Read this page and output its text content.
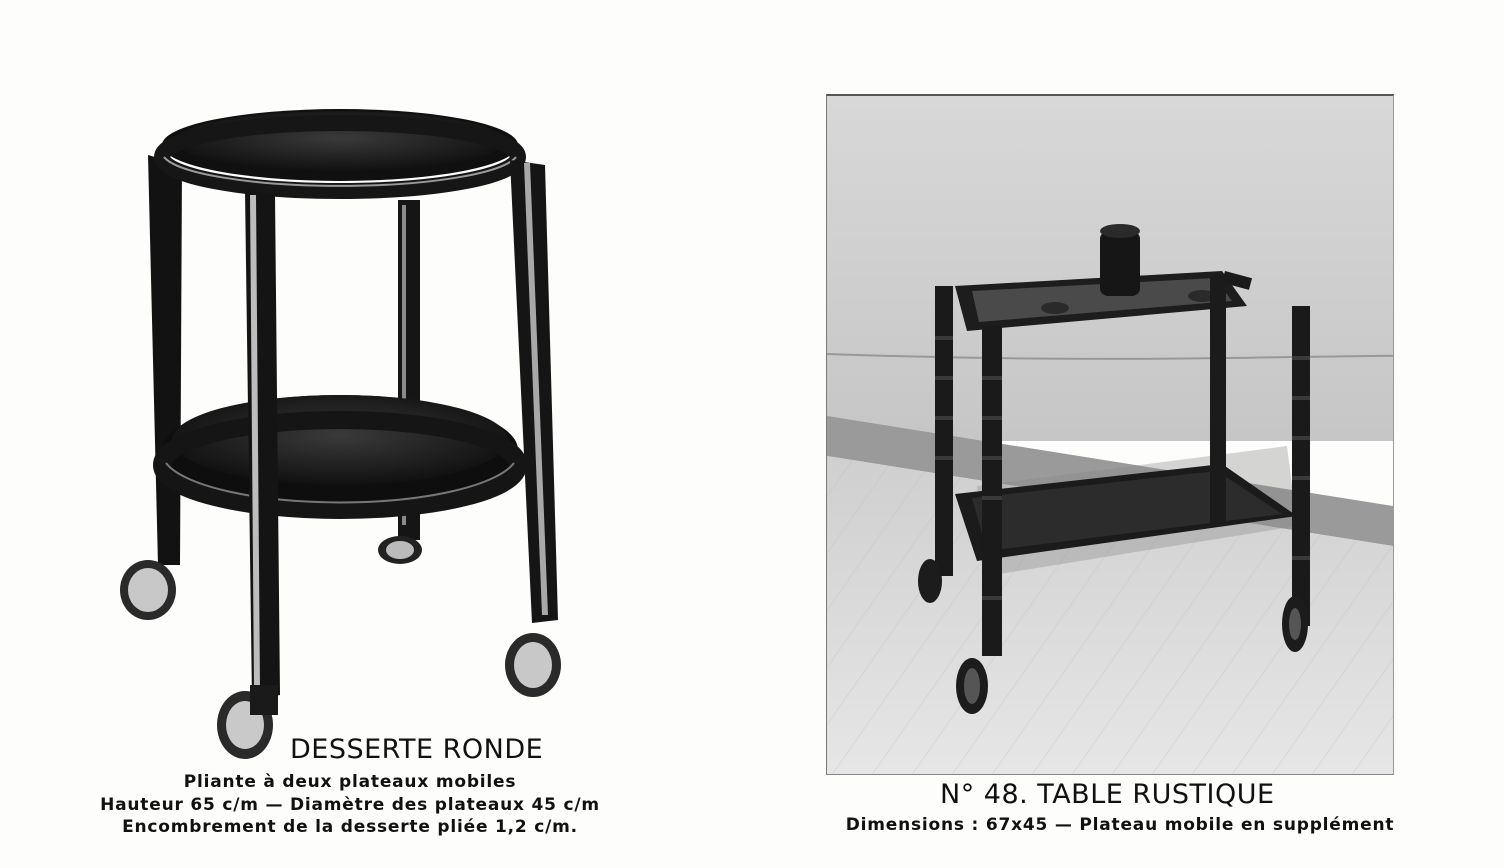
DESSERTE RONDE
Pliante à deux plateaux mobiles
Hauteur 65 c/m — Diamètre des plateaux 45 c/m
Encombrement de la desserte pliée 1,2 c/m.
N° 48. TABLE RUSTIQUE
Dimensions : 67x45 — Plateau mobile en supplément
